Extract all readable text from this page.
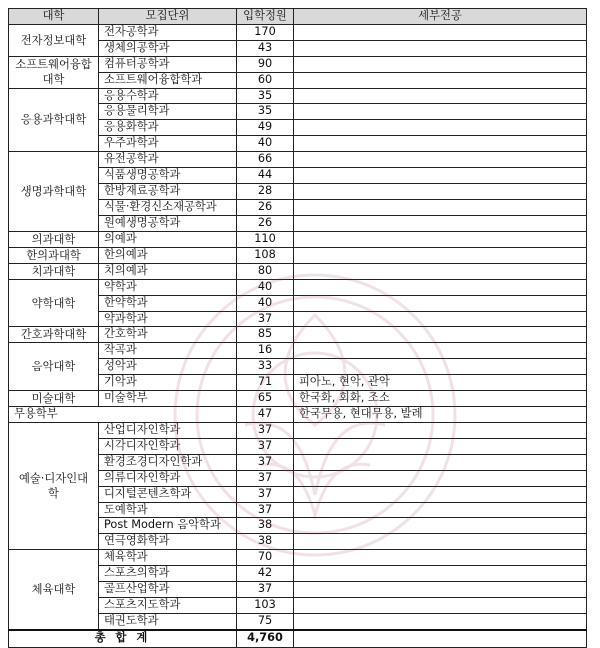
대학	모집단위	입학정원	세부전공
전자정보대학	전자공학과	170	
	생체의공학과	43	
소프트웨어융합대학	컴퓨터공학과	90	
	소프트웨어융합학과	60	
응용과학대학	응용수학과	35	
	응용물리학과	35	
	응용화학과	49	
	우주과학과	40	
생명과학대학	유전공학과	66	
	식품생명공학과	44	
	한방재료공학과	28	
	식물·환경신소재공학과	26	
	원예생명공학과	26	
의과대학	의예과	110	
한의과대학	한의예과	108	
치과대학	치의예과	80	
약학대학	약학과	40	
	한약학과	40	
	약과학과	37	
간호과학대학	간호학과	85	
음악대학	작곡과	16	
	성악과	33	
	기악과	71	피아노, 현악, 관악
미술대학	미술학부	65	한국화, 회화, 조소
무용학부		47	한국무용, 현대무용, 발레
예술·디자인대학	산업디자인학과	37	
	시각디자인학과	37	
	환경조경디자인학과	37	
	의류디자인학과	37	
	디지털콘텐츠학과	37	
	도예학과	37	
	Post Modern 음악학과	38	
	연극영화학과	38	
체육대학	체육학과	70	
	스포츠의학과	42	
	골프산업학과	37	
	스포츠지도학과	103	
	태권도학과	75	
총 합 계		4,760	
